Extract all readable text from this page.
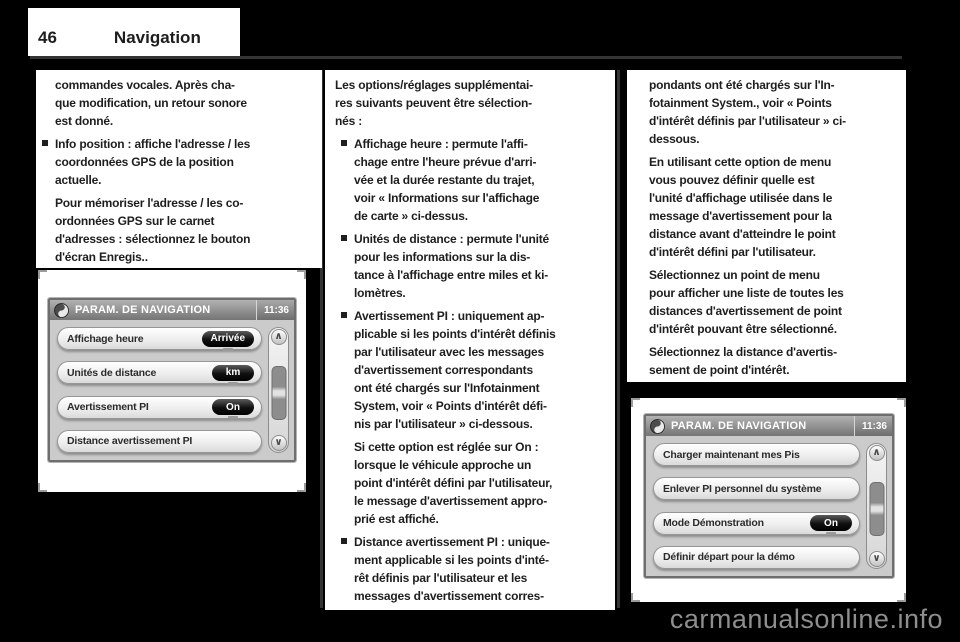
46	Navigation
commandes vocales. Après cha-
que modification, un retour sonore
est donné.
Info position : affiche l'adresse / les
coordonnées GPS de la position
actuelle.
Pour mémoriser l'adresse / les co-
ordonnées GPS sur le carnet
d'adresses : sélectionnez le bouton
d'écran Enregis..
Les options/réglages supplémentai-
res suivants peuvent être sélection-
nés :
Affichage heure : permute l'affi-
chage entre l'heure prévue d'arri-
vée et la durée restante du trajet,
voir « Informations sur l'affichage
de carte » ci-dessus.
Unités de distance : permute l'unité
pour les informations sur la dis-
tance à l'affichage entre miles et ki-
lomètres.
Avertissement PI : uniquement ap-
plicable si les points d'intérêt définis
par l'utilisateur avec les messages
d'avertissement correspondants
ont été chargés sur l'Infotainment
System, voir « Points d'intérêt défi-
nis par l'utilisateur » ci-dessous.
Si cette option est réglée sur On :
lorsque le véhicule approche un
point d'intérêt défini par l'utilisateur,
le message d'avertissement appro-
prié est affiché.
Distance avertissement PI : unique-
ment applicable si les points d'inté-
rêt définis par l'utilisateur et les
messages d'avertissement corres-
pondants ont été chargés sur l'In-
fotainment System., voir « Points
d'intérêt définis par l'utilisateur » ci-
dessous.
En utilisant cette option de menu
vous pouvez définir quelle est
l'unité d'affichage utilisée dans le
message d'avertissement pour la
distance avant d'atteindre le point
d'intérêt défini par l'utilisateur.
Sélectionnez un point de menu
pour afficher une liste de toutes les
distances d'avertissement de point
d'intérêt pouvant être sélectionné.
Sélectionnez la distance d'avertis-
sement de point d'intérêt.
PARAM. DE NAVIGATION	11:36
Affichage heure	Arrivée
Unités de distance	km
Avertissement PI	On
Distance avertissement PI
∧
∨
PARAM. DE NAVIGATION	11:36
Charger maintenant mes Pis
Enlever PI personnel du système
Mode Démonstration	On
Définir départ pour la démo
∧
∨
carmanualsonline.info
